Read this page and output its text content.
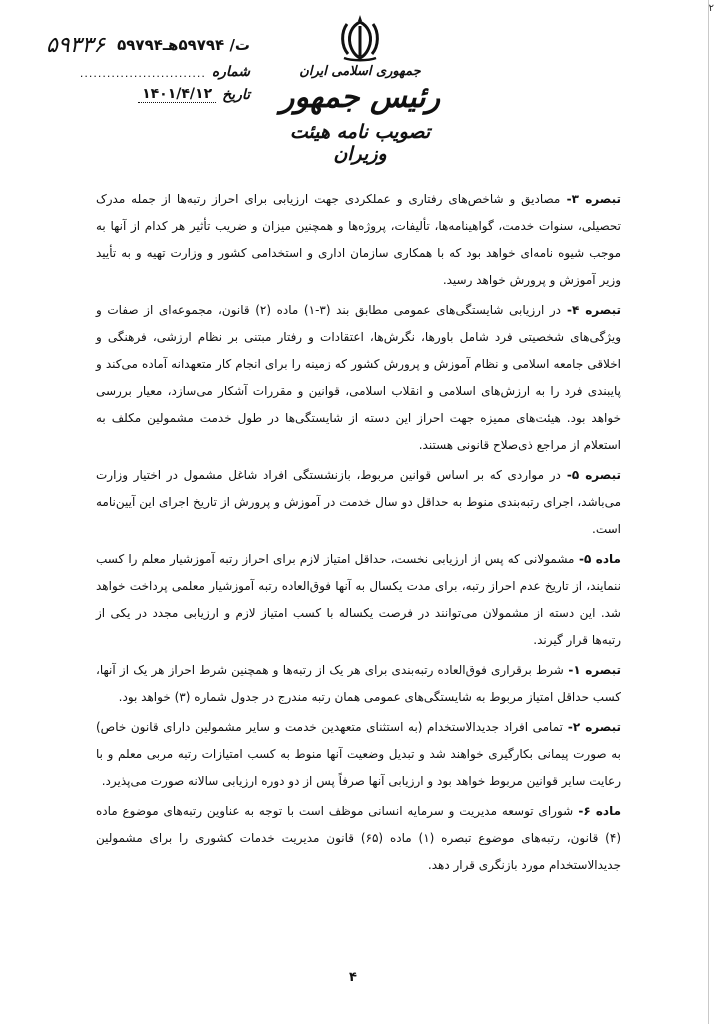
۲
۵۹۷۹۴ت/ ۵۹۷۹۴هـ
۵۹۳۳۶
شماره
............................
تاریخ
۱۴۰۱/۴/۱۲
جمهوری اسلامی ایران
رئیس جمهور
تصویب نامه هیئت وزیران

تبصره ۳- مصادیق و شاخص‌های رفتاری و عملکردی جهت ارزیابی برای احراز رتبه‌ها از جمله مدرک تحصیلی، سنوات خدمت، گواهینامه‌ها، تألیفات، پروژه‌ها و همچنین میزان و ضریب تأثیر هر کدام از آنها به موجب شیوه نامه‌ای خواهد بود که با همکاری سازمان اداری و استخدامی کشور و وزارت تهیه و به تأیید وزیر آموزش و پرورش خواهد رسید.

تبصره ۴- در ارزیابی شایستگی‌های عمومی مطابق بند (۳-۱) ماده (۲) قانون، مجموعه‌ای از صفات و ویژگی‌های شخصیتی فرد شامل باورها، نگرش‌ها، اعتقادات و رفتار مبتنی بر نظام ارزشی، فرهنگی و اخلاقی جامعه اسلامی و نظام آموزش و پرورش کشور که زمینه را برای انجام کار متعهدانه آماده می‌کند و پایبندی فرد را به ارزش‌های اسلامی و انقلاب اسلامی، قوانین و مقررات آشکار می‌سازد، معیار بررسی خواهد بود. هیئت‌های ممیزه جهت احراز این دسته از شایستگی‌ها در طول خدمت مشمولین مکلف به استعلام از مراجع ذی‌صلاح قانونی هستند.

تبصره ۵- در مواردی که بر اساس قوانین مربوط، بازنشستگی افراد شاغل مشمول در اختیار وزارت می‌باشد، اجرای رتبه‌بندی منوط به حداقل دو سال خدمت در آموزش و پرورش از تاریخ اجرای این آیین‌نامه است.

ماده ۵- مشمولانی که پس از ارزیابی نخست، حداقل امتیاز لازم برای احراز رتبه آموزشیار معلم را کسب ننمایند، از تاریخ عدم احراز رتبه، برای مدت یکسال به آنها فوق‌العاده رتبه آموزشیار معلمی پرداخت خواهد شد. این دسته از مشمولان می‌توانند در فرصت یکساله با کسب امتیاز لازم و ارزیابی مجدد در یکی از رتبه‌ها قرار گیرند.

تبصره ۱- شرط برقراری فوق‌العاده رتبه‌بندی برای هر یک از رتبه‌ها و همچنین شرط احراز هر یک از آنها، کسب حداقل امتیاز مربوط به شایستگی‌های عمومی همان رتبه مندرج در جدول شماره (۳) خواهد بود.

تبصره ۲- تمامی افراد جدیدالاستخدام (به استثنای متعهدین خدمت و سایر مشمولین دارای قانون خاص) به صورت پیمانی بکارگیری خواهند شد و تبدیل وضعیت آنها منوط به کسب امتیازات رتبه مربی معلم و با رعایت سایر قوانین مربوط خواهد بود و ارزیابی آنها صرفاً پس از دو دوره ارزیابی سالانه صورت می‌پذیرد.

ماده ۶- شورای توسعه مدیریت و سرمایه انسانی موظف است با توجه به عناوین رتبه‌های موضوع ماده (۴) قانون، رتبه‌های موضوع تبصره (۱) ماده (۶۵) قانون مدیریت خدمات کشوری را برای مشمولین جدیدالاستخدام مورد بازنگری قرار دهد.

۴
